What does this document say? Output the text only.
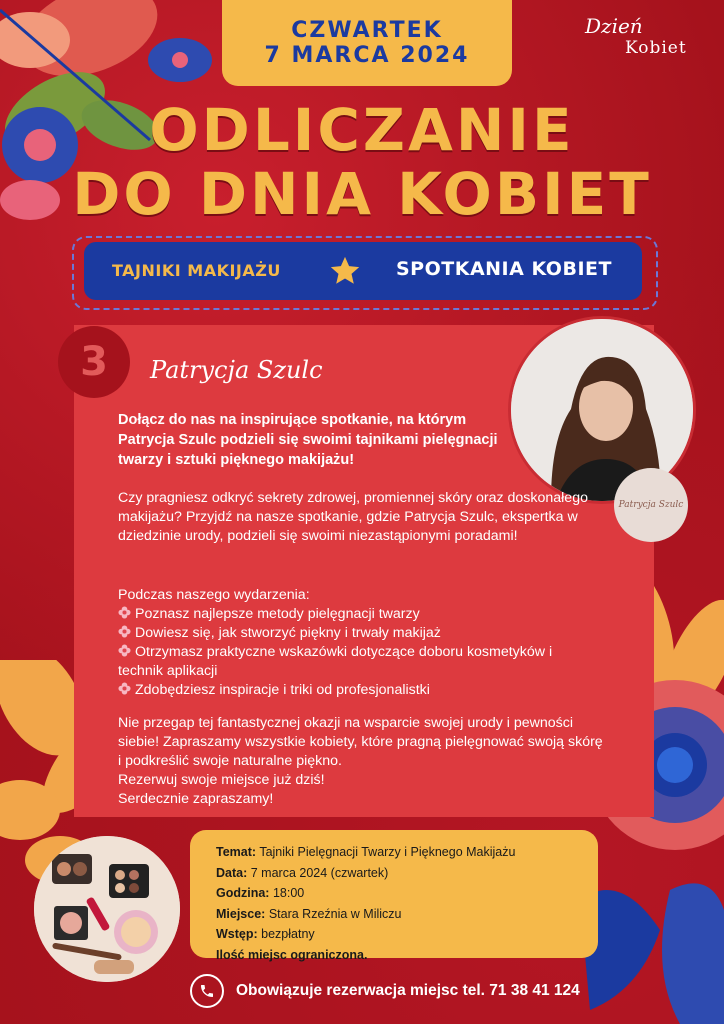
CZWARTEK
7 MARCA 2024
Dzień
Kobiet
ODLICZANIE
DO DNIA KOBIET
TAJNIKI MAKIJAŻU	SPOTKANIA KOBIET
3	Patrycja Szulc
Patrycja Szulc
Dołącz do nas na inspirujące spotkanie, na którym Patrycja Szulc podzieli się swoimi tajnikami pielęgnacji twarzy i sztuki pięknego makijażu!
Czy pragniesz odkryć sekrety zdrowej, promiennej skóry oraz doskonałego makijażu? Przyjdź na nasze spotkanie, gdzie Patrycja Szulc, ekspertka w dziedzinie urody, podzieli się swoimi niezastąpionymi poradami!
Podczas naszego wydarzenia:
Poznasz najlepsze metody pielęgnacji twarzy
Dowiesz się, jak stworzyć piękny i trwały makijaż
Otrzymasz praktyczne wskazówki dotyczące doboru kosmetyków i technik aplikacji
Zdobędziesz inspiracje i triki od profesjonalistki
Nie przegap tej fantastycznej okazji na wsparcie swojej urody i pewności siebie! Zapraszamy wszystkie kobiety, które pragną pielęgnować swoją skórę i podkreślić swoje naturalne piękno.
Rezerwuj swoje miejsce już dziś!
Serdecznie zapraszamy!
Temat: Tajniki Pielęgnacji Twarzy i Pięknego Makijażu
Data: 7 marca 2024 (czwartek)
Godzina: 18:00
Miejsce: Stara Rzeźnia w Miliczu
Wstęp: bezpłatny
Ilość miejsc ograniczona.
Obowiązuje rezerwacja miejsc tel. 71 38 41 124
